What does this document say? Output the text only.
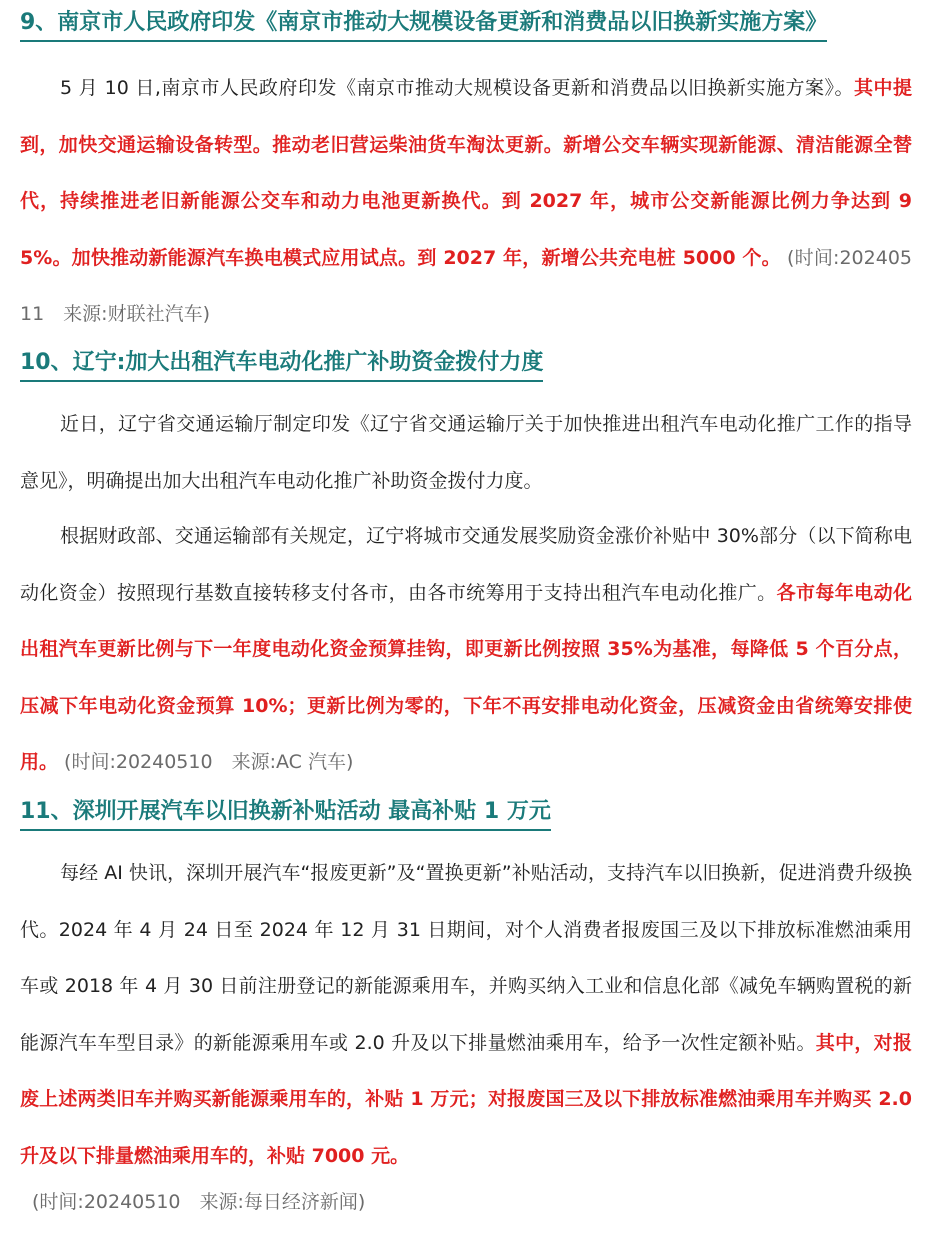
9、南京市人民政府印发《南京市推动大规模设备更新和消费品以旧换新实施方案》
5 月 10 日,南京市人民政府印发《南京市推动大规模设备更新和消费品以旧换新实施方案》。其中提到，加快交通运输设备转型。推动老旧营运柴油货车淘汰更新。新增公交车辆实现新能源、清洁能源全替代，持续推进老旧新能源公交车和动力电池更新换代。到 2027 年，城市公交新能源比例力争达到 95%。加快推动新能源汽车换电模式应用试点。到 2027 年，新增公共充电桩 5000 个。 (时间:20240511　来源:财联社汽车)
10、辽宁:加大出租汽车电动化推广补助资金拨付力度
近日，辽宁省交通运输厅制定印发《辽宁省交通运输厅关于加快推进出租汽车电动化推广工作的指导意见》，明确提出加大出租汽车电动化推广补助资金拨付力度。
根据财政部、交通运输部有关规定，辽宁将城市交通发展奖励资金涨价补贴中 30%部分（以下简称电动化资金）按照现行基数直接转移支付各市，由各市统筹用于支持出租汽车电动化推广。各市每年电动化出租汽车更新比例与下一年度电动化资金预算挂钩，即更新比例按照 35%为基准，每降低 5 个百分点，压减下年电动化资金预算 10%；更新比例为零的，下年不再安排电动化资金，压减资金由省统筹安排使用。 (时间:20240510　来源:AC 汽车)
11、深圳开展汽车以旧换新补贴活动 最高补贴 1 万元
每经 AI 快讯，深圳开展汽车“报废更新”及“置换更新”补贴活动，支持汽车以旧换新，促进消费升级换代。2024 年 4 月 24 日至 2024 年 12 月 31 日期间，对个人消费者报废国三及以下排放标准燃油乘用车或 2018 年 4 月 30 日前注册登记的新能源乘用车，并购买纳入工业和信息化部《减免车辆购置税的新能源汽车车型目录》的新能源乘用车或 2.0 升及以下排量燃油乘用车，给予一次性定额补贴。其中，对报废上述两类旧车并购买新能源乘用车的，补贴 1 万元；对报废国三及以下排放标准燃油乘用车并购买 2.0 升及以下排量燃油乘用车的，补贴 7000 元。
(时间:20240510　来源:每日经济新闻)
